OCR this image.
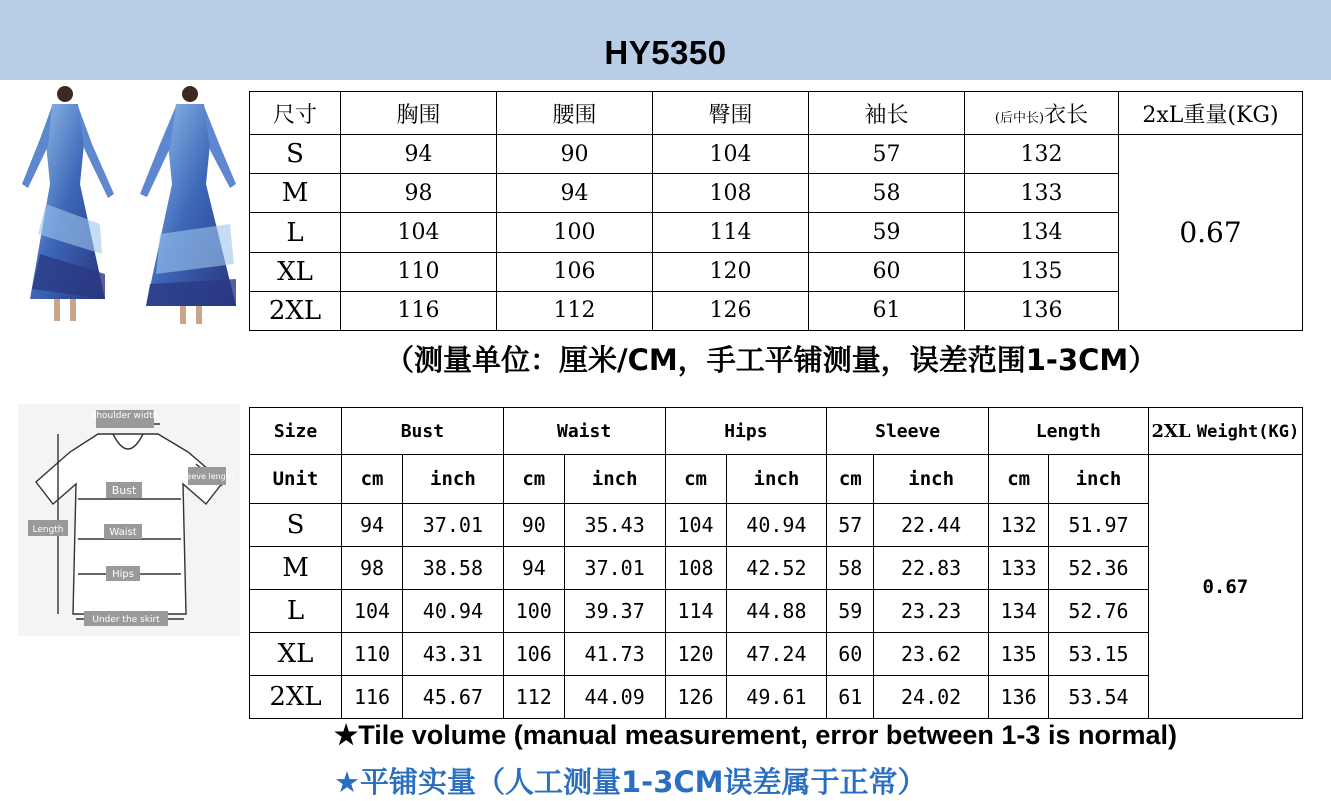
HY5350
尺寸	胸围	腰围	臀围	袖长	(后中长)衣长	2xL重量(KG)
S	94	90	104	57	132	0.67
M	98	94	108	58	133	
L	104	100	114	59	134	
XL	110	106	120	60	135	
2XL	116	112	126	61	136	
（测量单位：厘米/CM，手工平铺测量，误差范围1-3CM）
shoulder width
sleeve length
Bust
Waist
Hips
Length
Under the skirt
Size	Bust		Waist		Hips		Sleeve		Length		2XL Weight(KG)
Unit	cm	inch	cm	inch	cm	inch	cm	inch	cm	inch	0.67
S	94	37.01	90	35.43	104	40.94	57	22.44	132	51.97	
M	98	38.58	94	37.01	108	42.52	58	22.83	133	52.36	
L	104	40.94	100	39.37	114	44.88	59	23.23	134	52.76	
XL	110	43.31	106	41.73	120	47.24	60	23.62	135	53.15	
2XL	116	45.67	112	44.09	126	49.61	61	24.02	136	53.54	
★Tile volume (manual measurement, error between 1-3 is normal)
★平铺实量（人工测量1-3CM误差属于正常）
